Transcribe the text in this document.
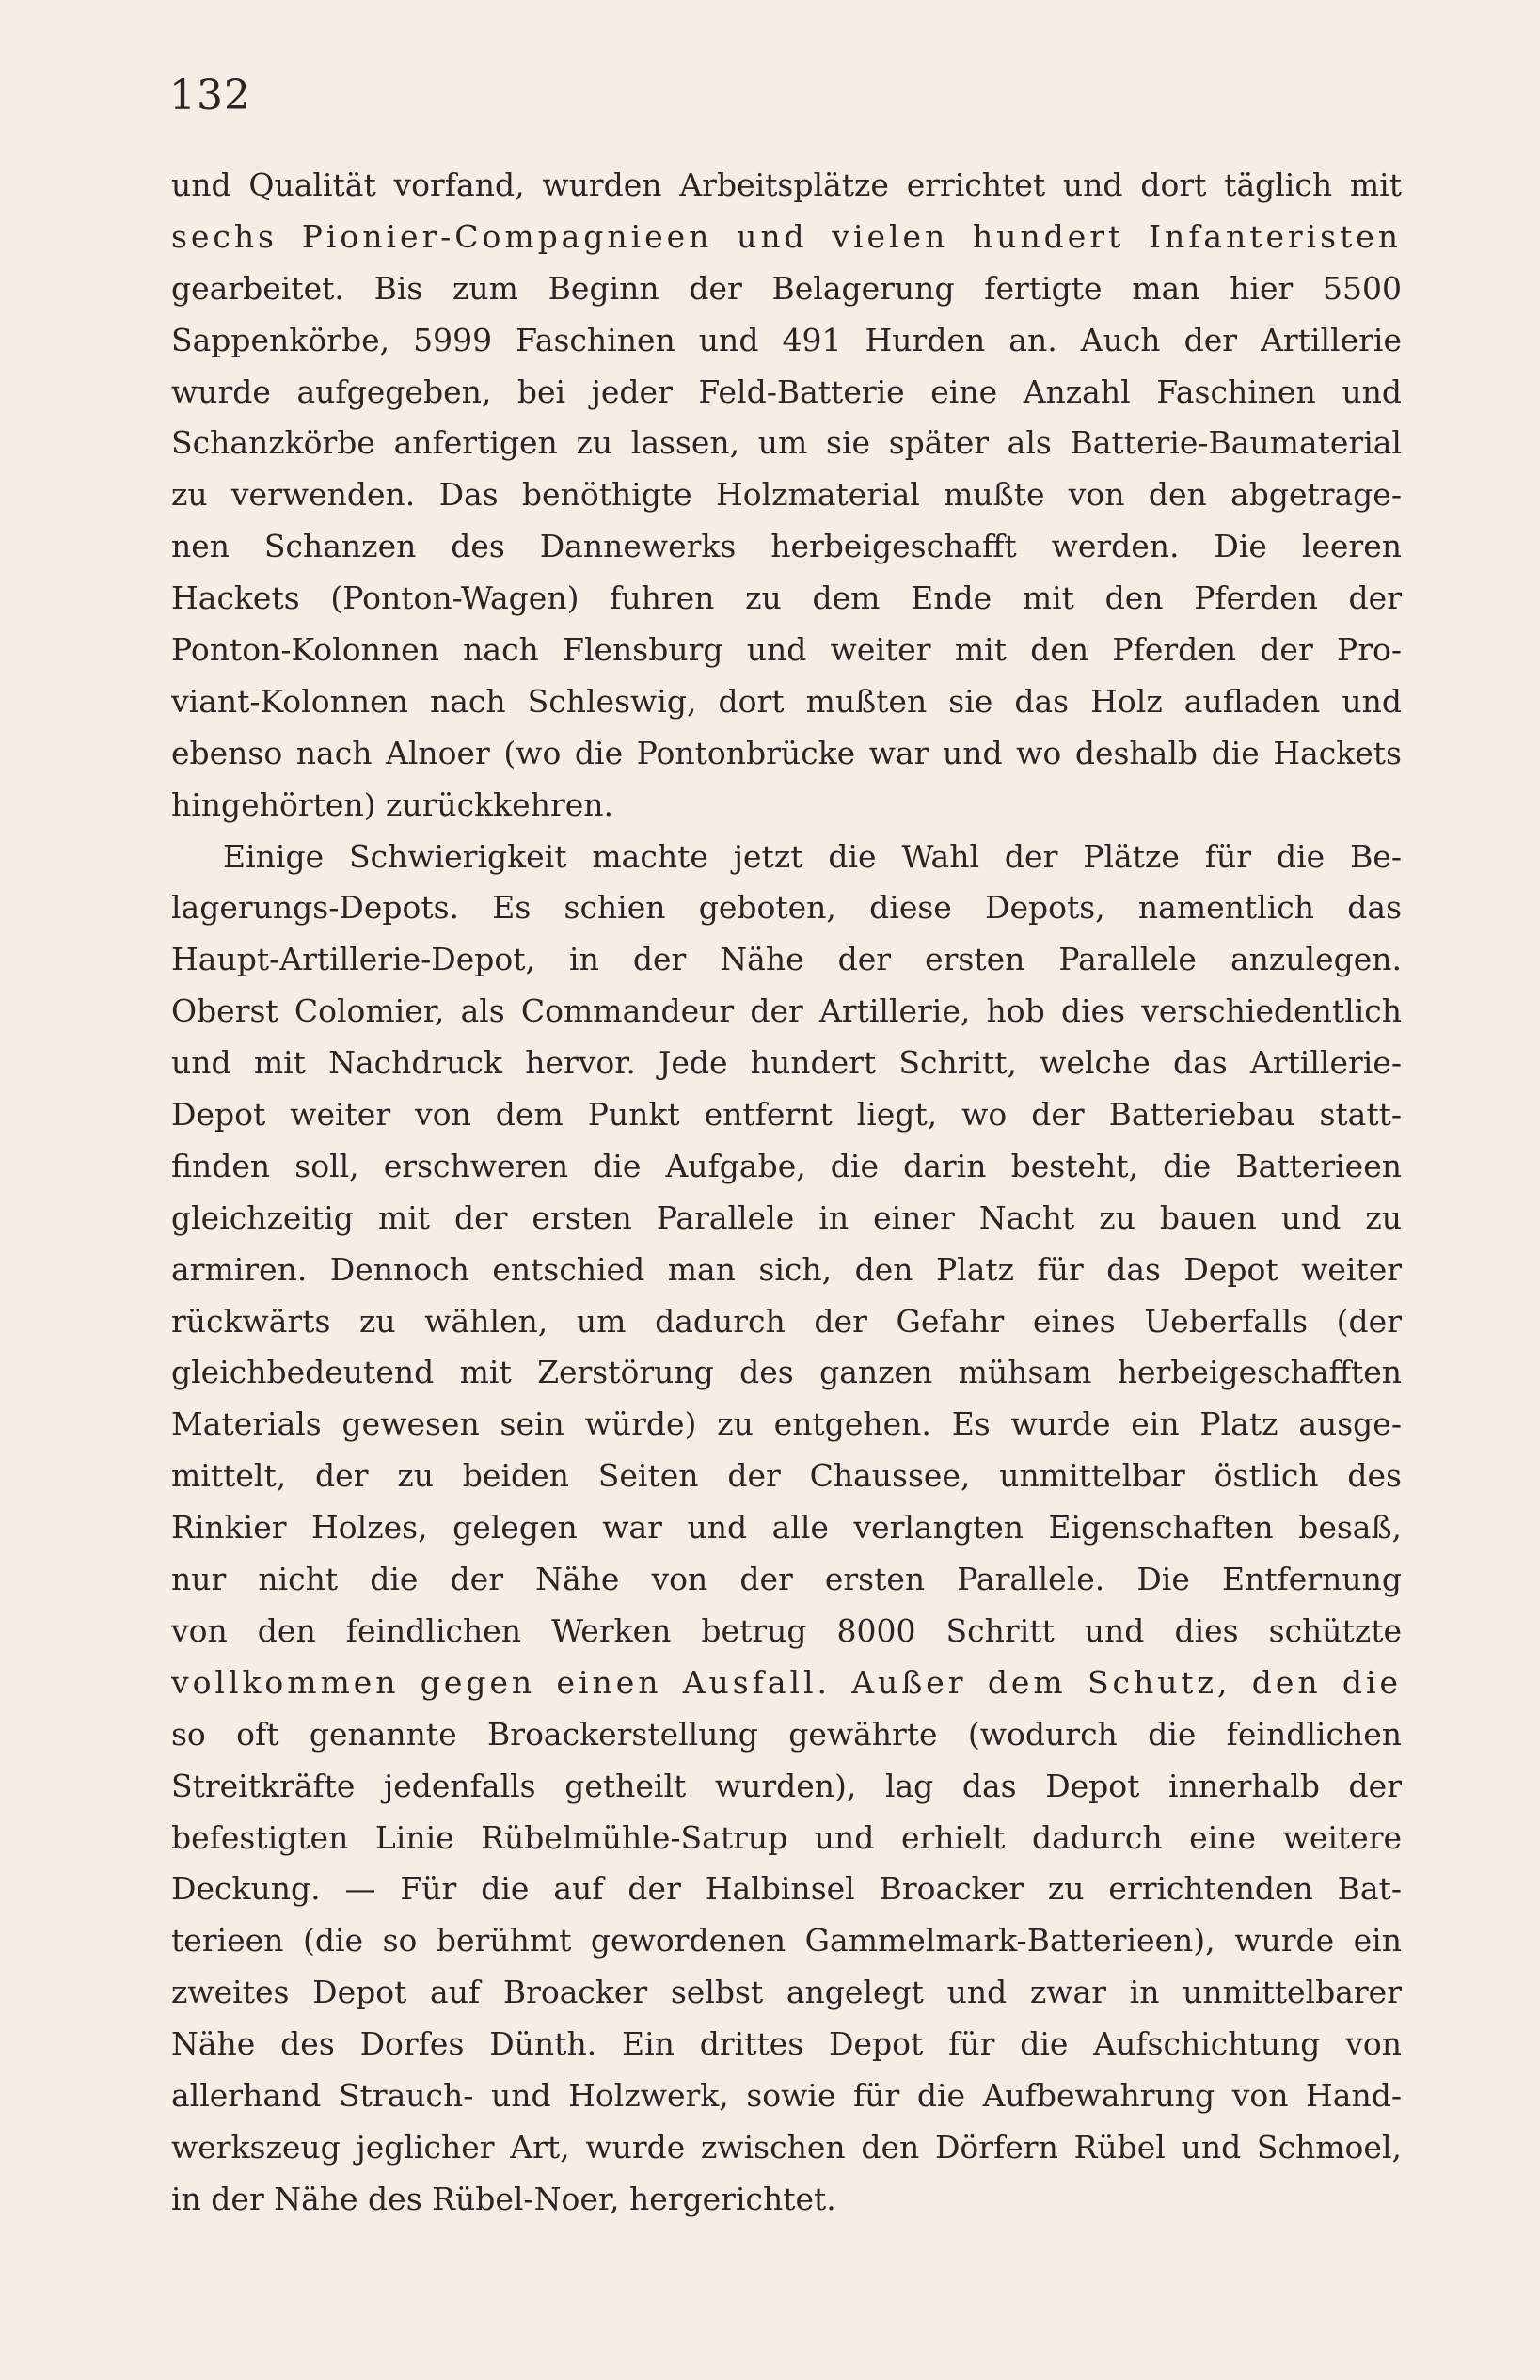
132
und Qualität vorfand, wurden Arbeitsplätze errichtet und dort täglich mit
sechs Pionier-Compagnieen und vielen hundert Infanteristen
gearbeitet. Bis zum Beginn der Belagerung fertigte man hier 5500
Sappenkörbe, 5999 Faschinen und 491 Hurden an. Auch der Artillerie
wurde aufgegeben, bei jeder Feld-Batterie eine Anzahl Faschinen und
Schanzkörbe anfertigen zu lassen, um sie später als Batterie-Baumaterial
zu verwenden. Das benöthigte Holzmaterial mußte von den abgetrage-
nen Schanzen des Dannewerks herbeigeschafft werden. Die leeren
Hackets (Ponton-Wagen) fuhren zu dem Ende mit den Pferden der
Ponton-Kolonnen nach Flensburg und weiter mit den Pferden der Pro-
viant-Kolonnen nach Schleswig, dort mußten sie das Holz aufladen und
ebenso nach Alnoer (wo die Pontonbrücke war und wo deshalb die Hackets
hingehörten) zurückkehren.
Einige Schwierigkeit machte jetzt die Wahl der Plätze für die Be-
lagerungs-Depots. Es schien geboten, diese Depots, namentlich das
Haupt-Artillerie-Depot, in der Nähe der ersten Parallele anzulegen.
Oberst Colomier, als Commandeur der Artillerie, hob dies verschiedentlich
und mit Nachdruck hervor. Jede hundert Schritt, welche das Artillerie-
Depot weiter von dem Punkt entfernt liegt, wo der Batteriebau statt-
finden soll, erschweren die Aufgabe, die darin besteht, die Batterieen
gleichzeitig mit der ersten Parallele in einer Nacht zu bauen und zu
armiren. Dennoch entschied man sich, den Platz für das Depot weiter
rückwärts zu wählen, um dadurch der Gefahr eines Ueberfalls (der
gleichbedeutend mit Zerstörung des ganzen mühsam herbeigeschafften
Materials gewesen sein würde) zu entgehen. Es wurde ein Platz ausge-
mittelt, der zu beiden Seiten der Chaussee, unmittelbar östlich des
Rinkier Holzes, gelegen war und alle verlangten Eigenschaften besaß,
nur nicht die der Nähe von der ersten Parallele. Die Entfernung
von den feindlichen Werken betrug 8000 Schritt und dies schützte
vollkommen gegen einen Ausfall. Außer dem Schutz, den die
so oft genannte Broackerstellung gewährte (wodurch die feindlichen
Streitkräfte jedenfalls getheilt wurden), lag das Depot innerhalb der
befestigten Linie Rübelmühle-Satrup und erhielt dadurch eine weitere
Deckung. — Für die auf der Halbinsel Broacker zu errichtenden Bat-
terieen (die so berühmt gewordenen Gammelmark-Batterieen), wurde ein
zweites Depot auf Broacker selbst angelegt und zwar in unmittelbarer
Nähe des Dorfes Dünth. Ein drittes Depot für die Aufschichtung von
allerhand Strauch- und Holzwerk, sowie für die Aufbewahrung von Hand-
werkszeug jeglicher Art, wurde zwischen den Dörfern Rübel und Schmoel,
in der Nähe des Rübel-Noer, hergerichtet.
